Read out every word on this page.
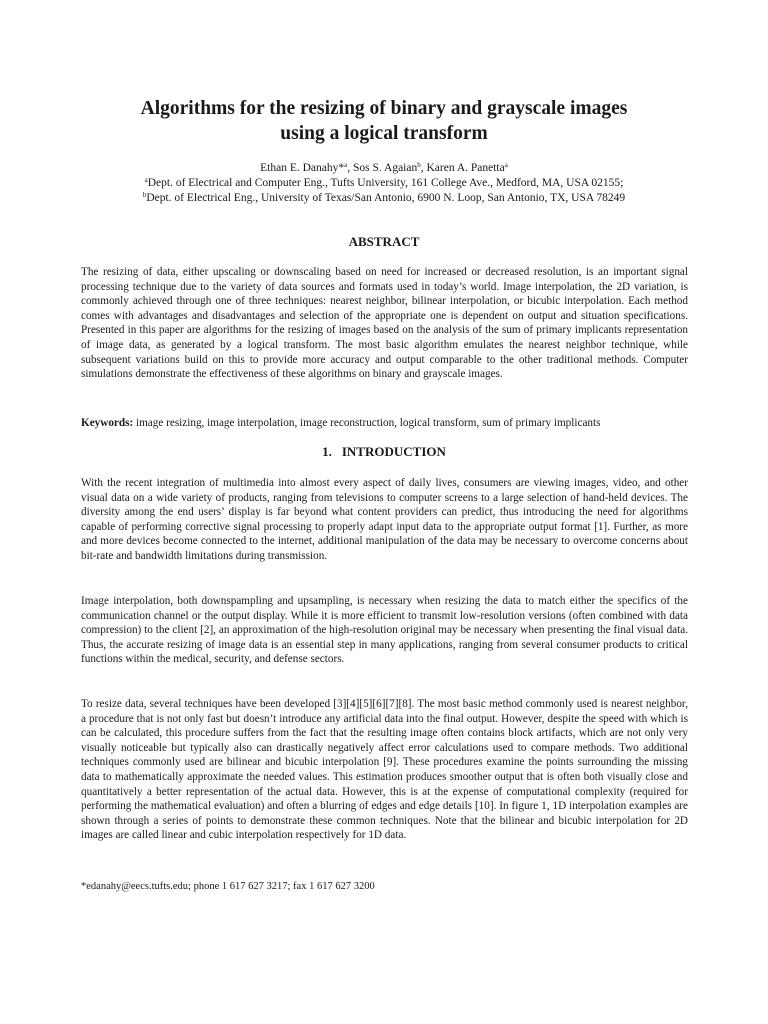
Algorithms for the resizing of binary and grayscale images
using a logical transform
Ethan E. Danahy*$^a$, Sos S. Agaian$^b$, Karen A. Panetta$^a$
$^a$Dept. of Electrical and Computer Eng., Tufts University, 161 College Ave., Medford, MA, USA 02155;
$^b$Dept. of Electrical Eng., University of Texas/San Antonio, 6900 N. Loop, San Antonio, TX, USA 78249
ABSTRACT

The resizing of data, either upscaling or downscaling based on need for increased or decreased resolution, is an important signal processing technique due to the variety of data sources and formats used in today’s world. Image interpolation, the 2D variation, is commonly achieved through one of three techniques: nearest neighbor, bilinear interpolation, or bicubic interpolation. Each method comes with advantages and disadvantages and selection of the appropriate one is dependent on output and situation specifications. Presented in this paper are algorithms for the resizing of images based on the analysis of the sum of primary implicants representation of image data, as generated by a logical transform. The most basic algorithm emulates the nearest neighbor technique, while subsequent variations build on this to provide more accuracy and output comparable to the other traditional methods. Computer simulations demonstrate the effectiveness of these algorithms on binary and grayscale images.

Keywords: image resizing, image interpolation, image reconstruction, logical transform, sum of primary implicants

1. INTRODUCTION

With the recent integration of multimedia into almost every aspect of daily lives, consumers are viewing images, video, and other visual data on a wide variety of products, ranging from televisions to computer screens to a large selection of hand-held devices. The diversity among the end users’ display is far beyond what content providers can predict, thus introducing the need for algorithms capable of performing corrective signal processing to properly adapt input data to the appropriate output format [1]. Further, as more and more devices become connected to the internet, additional manipulation of the data may be necessary to overcome concerns about bit-rate and bandwidth limitations during transmission.

Image interpolation, both downspampling and upsampling, is necessary when resizing the data to match either the specifics of the communication channel or the output display. While it is more efficient to transmit low-resolution versions (often combined with data compression) to the client [2], an approximation of the high-resolution original may be necessary when presenting the final visual data. Thus, the accurate resizing of image data is an essential step in many applications, ranging from several consumer products to critical functions within the medical, security, and defense sectors.

To resize data, several techniques have been developed [3][4][5][6][7][8]. The most basic method commonly used is nearest neighbor, a procedure that is not only fast but doesn’t introduce any artificial data into the final output. However, despite the speed with which is can be calculated, this procedure suffers from the fact that the resulting image often contains block artifacts, which are not only very visually noticeable but typically also can drastically negatively affect error calculations used to compare methods. Two additional techniques commonly used are bilinear and bicubic interpolation [9]. These procedures examine the points surrounding the missing data to mathematically approximate the needed values. This estimation produces smoother output that is often both visually close and quantitatively a better representation of the actual data. However, this is at the expense of computational complexity (required for performing the mathematical evaluation) and often a blurring of edges and edge details [10]. In figure 1, 1D interpolation examples are shown through a series of points to demonstrate these common techniques. Note that the bilinear and bicubic interpolation for 2D images are called linear and cubic interpolation respectively for 1D data.

*edanahy@eecs.tufts.edu; phone 1 617 627 3217; fax 1 617 627 3200
